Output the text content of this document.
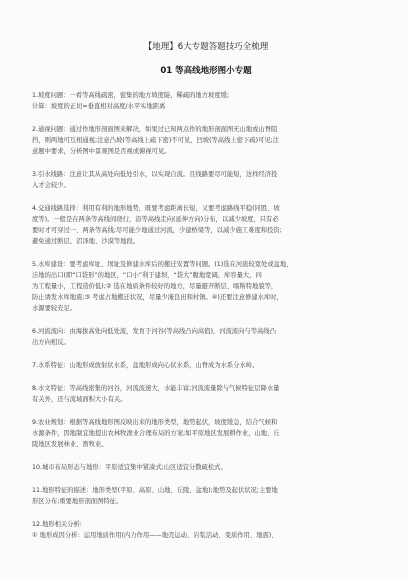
【地理】6大专题答题技巧全梳理
01 等高线地形图小专题

1.坡度问题：一看等高线疏密，密集的地方坡度陡，稀疏的地方坡度缓;

计算：坡度的正切=垂直相对高度/水平实地距离

2.通视问题：通过作地形剖面图来解决，如果过已知两点作的地形剖面图无山地或山脊阻

挡，则两地可互相通视;注意凸坡(等高线上疏下密)不可见，凹坡(等高线上密下疏)可见;注

意题中要求，分析图中景观图是否视或俯视可见。

3.引水线路：注意让其从高处向低处引水，以实现自流。且线路要尽可能短，这样经济投

入才会较少。

4.交通线路选择：利用有利的地形地势，既要考虑距离长短，又要考虑路线平稳(同胜、坡

度等)。一般是在两条等高线间绕行，沿等高线走向(延伸方向)分布，以减少坡度，只有必

要时才可穿过一、两条等高线;尽可能少地通过河流，少建桥梁等，以减少施工难度和投资;

避免通过断层、沼泽地、沙漠等地段。

5.水库建设：要考虑库址、坝址及修建水库后的搬迁安置等问题。(1)选在河流较宽处或盆地、

洼地的出口(即“口袋形”的地区，“口小”利于建坝，“袋大”腹地宽阔，库容量大，四

为工程量小，工程造价低);② 选在地质条件较好的地方，尽量避开断层、喀斯特地貌等，

防止诱发水库地震;③ 考虑占地搬迁状况，尽量少淹良田和村镇。④)还要注意修建水库时，

水源要较充足。

6.河流流向：由海拔高处向低处流，发育于河谷(等高线凸向高值)，河流流向与等高线凸

出方向相反。

7.水系特征：山地形成放射状水系，盆地形成向心状水系，山脊成为水系分水岭。

8.水文特征：等高线密集的河谷，河流流速大，水能丰富;河流流量除与气候特征层降水量

有关外，还与流域面积大小有关。

9.农业规划：根据等高线地形图反映出来的地形类型，地势起伏，坡度缓急，结合气候和

水源条件，因地制宜地提出农林牧渔业合理布局的方案;如平原地区发展耕作业，山地、丘

陵地区发展林业、畜牧业。

10.城市布局形态与地形：平原适宜集中紧凑式;山区适宜分散疏松式。

11.地形特征的描述：地形类型(平原、高原、山地、丘陵、盆地);地势及起伏状况;主要地

形区分布;重要地形剖面图特征。

12.地形相关分析:

① 地形成因分析：运用地质作用(内力作用——地壳运动、岩浆活动、变质作用、地震)、
